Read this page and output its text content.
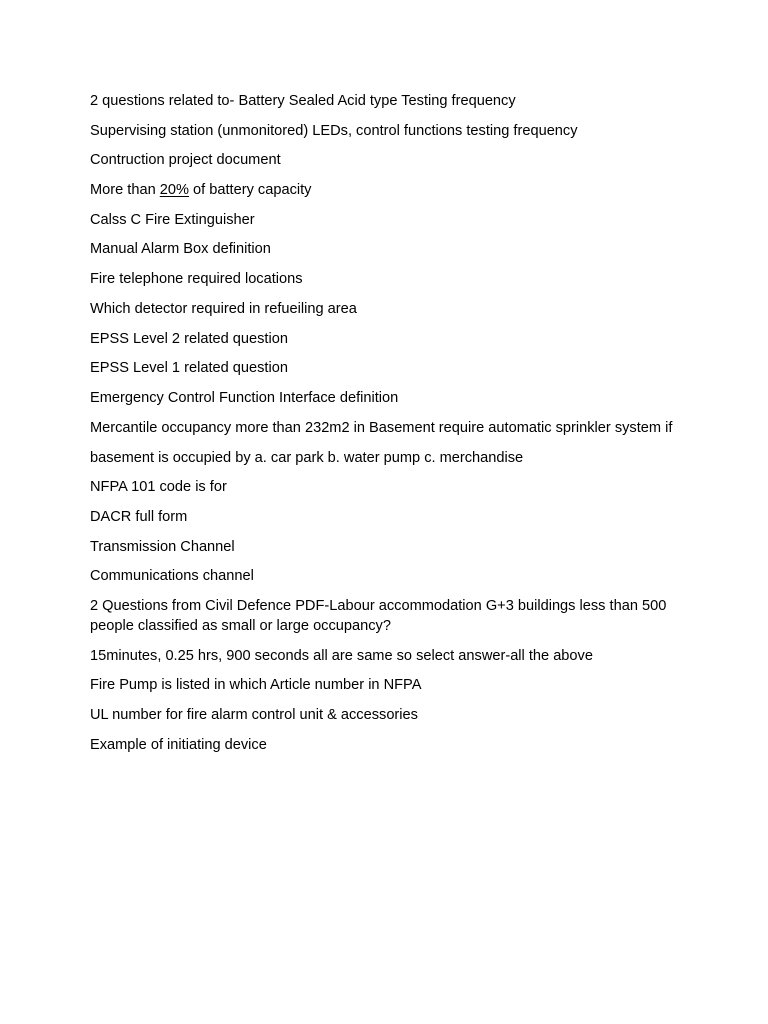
2 questions related to- Battery Sealed Acid type Testing frequency

Supervising station (unmonitored) LEDs, control functions testing frequency

Contruction project document

More than 20% of battery capacity

Calss C Fire Extinguisher

Manual Alarm Box definition

Fire telephone required locations

Which detector required in refueiling area

EPSS Level 2 related question

EPSS Level 1 related question

Emergency Control Function Interface definition

Mercantile occupancy more than 232m2 in Basement require automatic sprinkler system if

basement is occupied by a. car park b. water pump c. merchandise

NFPA 101 code is for

DACR full form

Transmission Channel

Communications channel

2 Questions from Civil Defence PDF-Labour accommodation G+3 buildings less than 500 people classified as small or large occupancy?

15minutes, 0.25 hrs, 900 seconds all are same so select answer-all the above

Fire Pump is listed in which Article number in NFPA

UL number for fire alarm control unit & accessories

Example of initiating device
